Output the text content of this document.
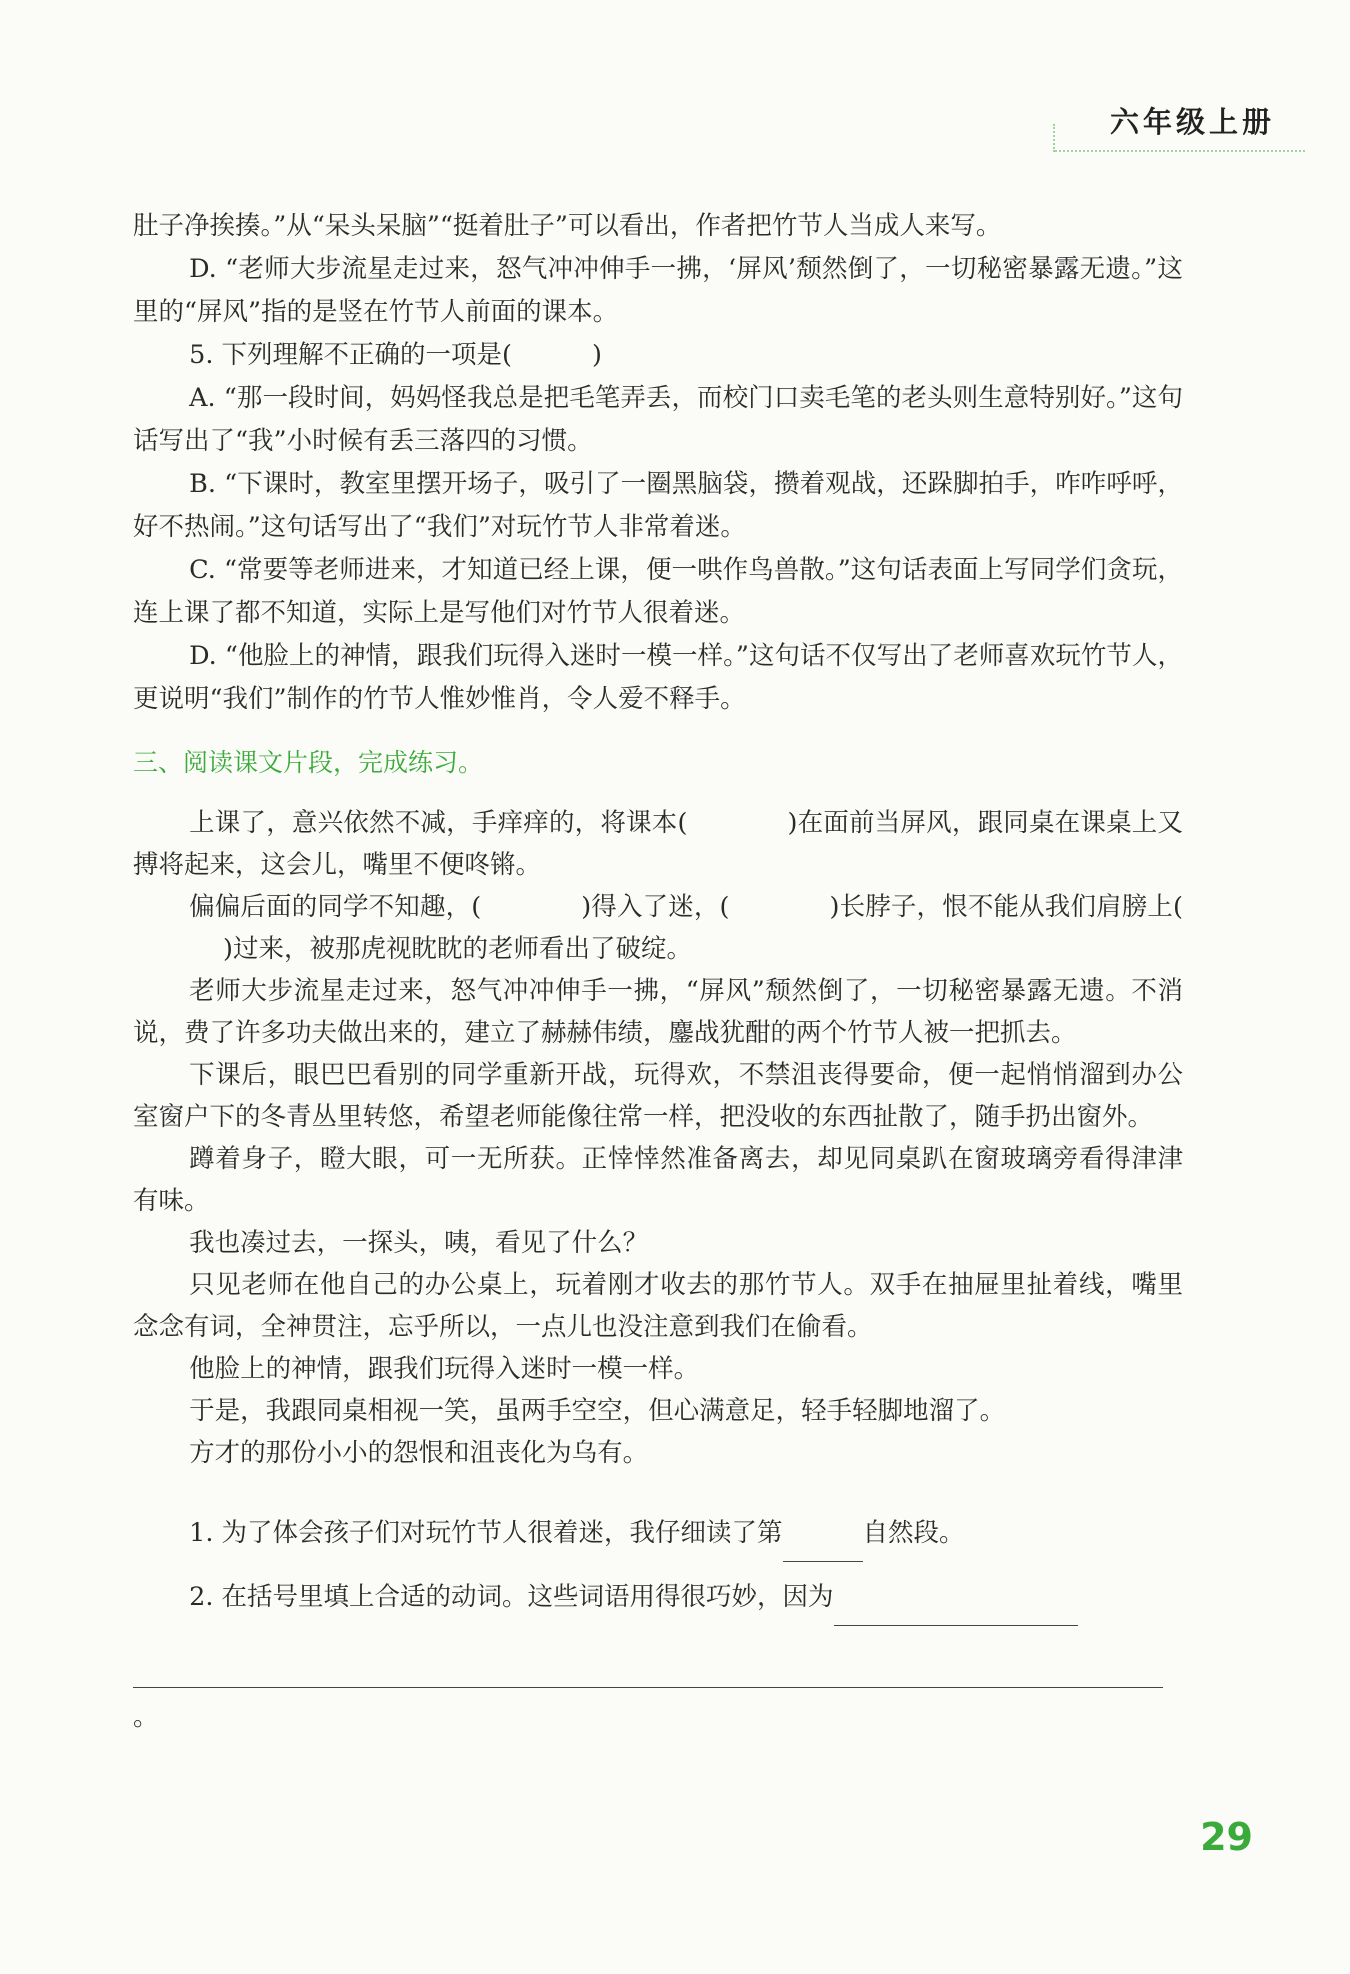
六年级上册

肚子净挨揍。”从“呆头呆脑”“挺着肚子”可以看出，作者把竹节人当成人来写。

D. “老师大步流星走过来，怒气冲冲伸手一拂，‘屏风’颓然倒了，一切秘密暴露无遗。”这里的“屏风”指的是竖在竹节人前面的课本。

5. 下列理解不正确的一项是(	)

A. “那一段时间，妈妈怪我总是把毛笔弄丢，而校门口卖毛笔的老头则生意特别好。”这句话写出了“我”小时候有丢三落四的习惯。

B. “下课时，教室里摆开场子，吸引了一圈黑脑袋，攒着观战，还跺脚拍手，咋咋呼呼，好不热闹。”这句话写出了“我们”对玩竹节人非常着迷。

C. “常要等老师进来，才知道已经上课，便一哄作鸟兽散。”这句话表面上写同学们贪玩，连上课了都不知道，实际上是写他们对竹节人很着迷。

D. “他脸上的神情，跟我们玩得入迷时一模一样。”这句话不仅写出了老师喜欢玩竹节人，更说明“我们”制作的竹节人惟妙惟肖，令人爱不释手。

三、阅读课文片段，完成练习。

上课了，意兴依然不减，手痒痒的，将课本(	)在面前当屏风，跟同桌在课桌上又搏将起来，这会儿，嘴里不便咚锵。

偏偏后面的同学不知趣，(	)得入了迷，(	)长脖子，恨不能从我们肩膀上()过来，被那虎视眈眈的老师看出了破绽。

老师大步流星走过来，怒气冲冲伸手一拂，“屏风”颓然倒了，一切秘密暴露无遗。不消说，费了许多功夫做出来的，建立了赫赫伟绩，鏖战犹酣的两个竹节人被一把抓去。

下课后，眼巴巴看别的同学重新开战，玩得欢，不禁沮丧得要命，便一起悄悄溜到办公室窗户下的冬青丛里转悠，希望老师能像往常一样，把没收的东西扯散了，随手扔出窗外。

蹲着身子，瞪大眼，可一无所获。正悻悻然准备离去，却见同桌趴在窗玻璃旁看得津津有味。

我也凑过去，一探头，咦，看见了什么？

只见老师在他自己的办公桌上，玩着刚才收去的那竹节人。双手在抽屉里扯着线，嘴里念念有词，全神贯注，忘乎所以，一点儿也没注意到我们在偷看。

他脸上的神情，跟我们玩得入迷时一模一样。

于是，我跟同桌相视一笑，虽两手空空，但心满意足，轻手轻脚地溜了。

方才的那份小小的怨恨和沮丧化为乌有。

1. 为了体会孩子们对玩竹节人很着迷，我仔细读了第	自然段。

2. 在括号里填上合适的动词。这些词语用得很巧妙，因为

。

29
